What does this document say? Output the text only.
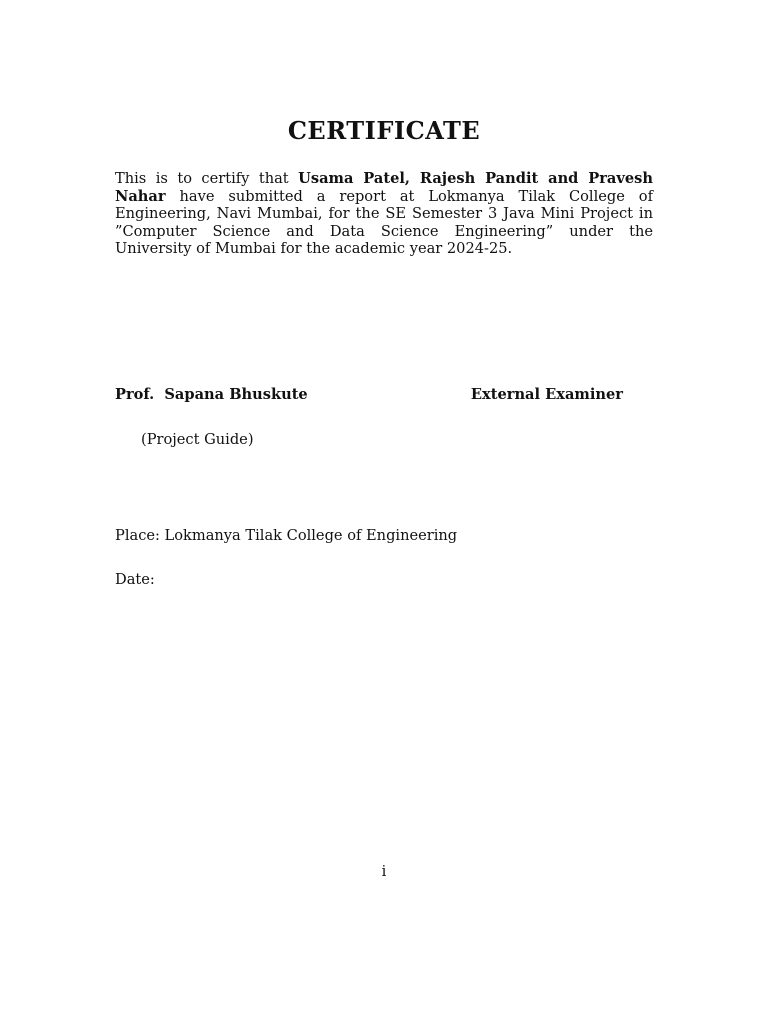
CERTIFICATE

This is to certify that Usama Patel, Rajesh Pandit and Pravesh Nahar have submitted a report at Lokmanya Tilak College of Engineering, Navi Mumbai, for the SE Semester 3 Java Mini Project in ”Computer Science and Data Science Engineering” under the University of Mumbai for the academic year 2024-25.

Prof.  Sapana Bhuskute	External Examiner
(Project Guide)
Place: Lokmanya Tilak College of Engineering
Date:
i
